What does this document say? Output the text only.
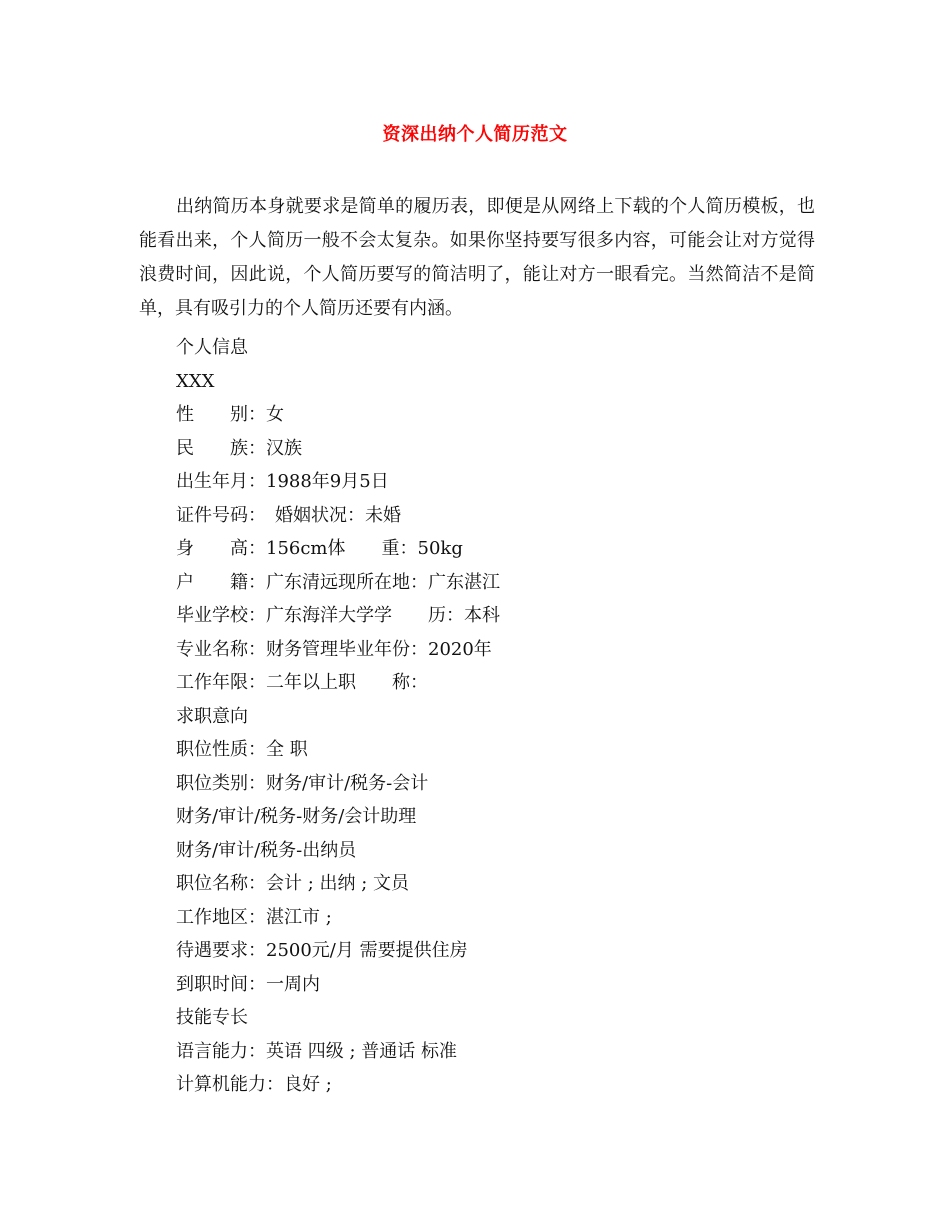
资深出纳个人简历范文

出纳简历本身就要求是简单的履历表，即便是从网络上下载的个人简历模板，也能看出来，个人简历一般不会太复杂。如果你坚持要写很多内容，可能会让对方觉得浪费时间，因此说，个人简历要写的简洁明了，能让对方一眼看完。当然简洁不是简单，具有吸引力的个人简历还要有内涵。

个人信息
XXX
性　　别：女
民　　族：汉族
出生年月：1988年9月5日
证件号码：　婚姻状况：未婚
身　　高：156cm体　　重：50kg
户　　籍：广东清远现所在地：广东湛江
毕业学校：广东海洋大学学　　历：本科
专业名称：财务管理毕业年份：2020年
工作年限：二年以上职　　称：
求职意向
职位性质：全 职
职位类别：财务/审计/税务-会计
财务/审计/税务-财务/会计助理
财务/审计/税务-出纳员
职位名称：会计 ; 出纳 ; 文员
工作地区：湛江市 ;
待遇要求：2500元/月 需要提供住房
到职时间：一周内
技能专长
语言能力：英语 四级 ; 普通话 标准
计算机能力：良好 ;
